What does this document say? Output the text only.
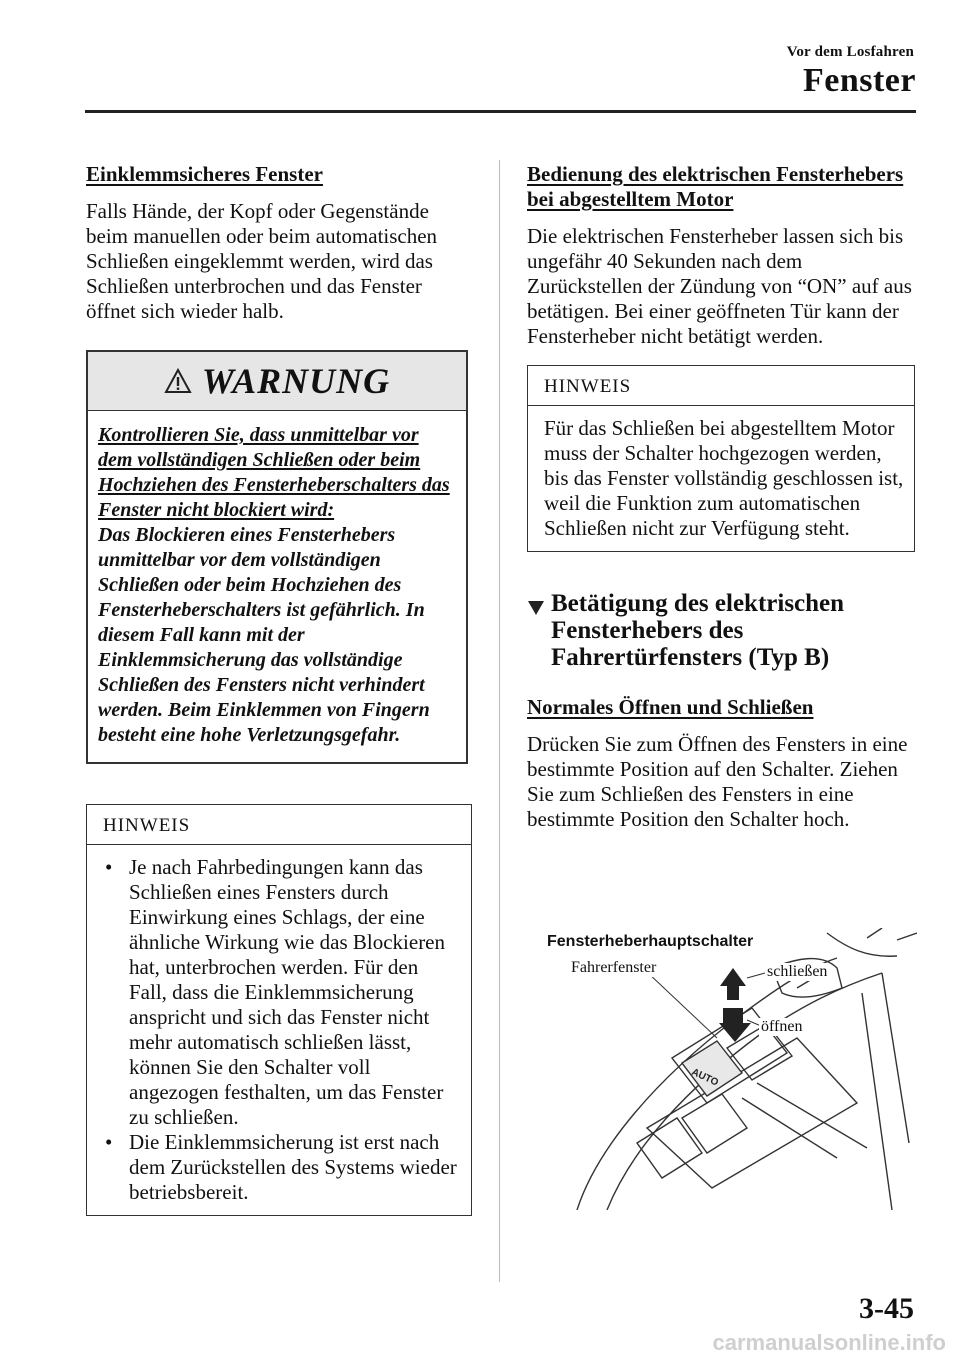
Vor dem Losfahren
Fenster

Einklemmsicheres Fenster

Falls Hände, der Kopf oder Gegenstände beim manuellen oder beim automatischen Schließen eingeklemmt werden, wird das Schließen unterbrochen und das Fenster öffnet sich wieder halb.

WARNUNG
Kontrollieren Sie, dass unmittelbar vor dem vollständigen Schließen oder beim Hochziehen des Fensterheberschalters das Fenster nicht blockiert wird:
Das Blockieren eines Fensterhebers unmittelbar vor dem vollständigen Schließen oder beim Hochziehen des Fensterheberschalters ist gefährlich. In diesem Fall kann mit der Einklemmsicherung das vollständige Schließen des Fensters nicht verhindert werden. Beim Einklemmen von Fingern besteht eine hohe Verletzungsgefahr.
HINWEIS
• Je nach Fahrbedingungen kann das Schließen eines Fensters durch Einwirkung eines Schlags, der eine ähnliche Wirkung wie das Blockieren hat, unterbrochen werden. Für den Fall, dass die Einklemmsicherung anspricht und sich das Fenster nicht mehr automatisch schließen lässt, können Sie den Schalter voll angezogen festhalten, um das Fenster zu schließen.
• Die Einklemmsicherung ist erst nach dem Zurückstellen des Systems wieder betriebsbereit.

Bedienung des elektrischen Fensterhebers bei abgestelltem Motor

Die elektrischen Fensterheber lassen sich bis ungefähr 40 Sekunden nach dem Zurückstellen der Zündung von “ON” auf aus betätigen. Bei einer geöffneten Tür kann der Fensterheber nicht betätigt werden.

HINWEIS
Für das Schließen bei abgestelltem Motor muss der Schalter hochgezogen werden, bis das Fenster vollständig geschlossen ist, weil die Funktion zum automatischen Schließen nicht zur Verfügung steht.
Betätigung des elektrischen Fensterhebers des Fahrertürfensters (Typ B)

Normales Öffnen und Schließen

Drücken Sie zum Öffnen des Fensters in eine bestimmte Position auf den Schalter. Ziehen Sie zum Schließen des Fensters in eine bestimmte Position den Schalter hoch.

AUTO
Fensterheberhauptschalter
Fahrerfenster	schließen
öffnen
3-45
carmanualsonline.info
